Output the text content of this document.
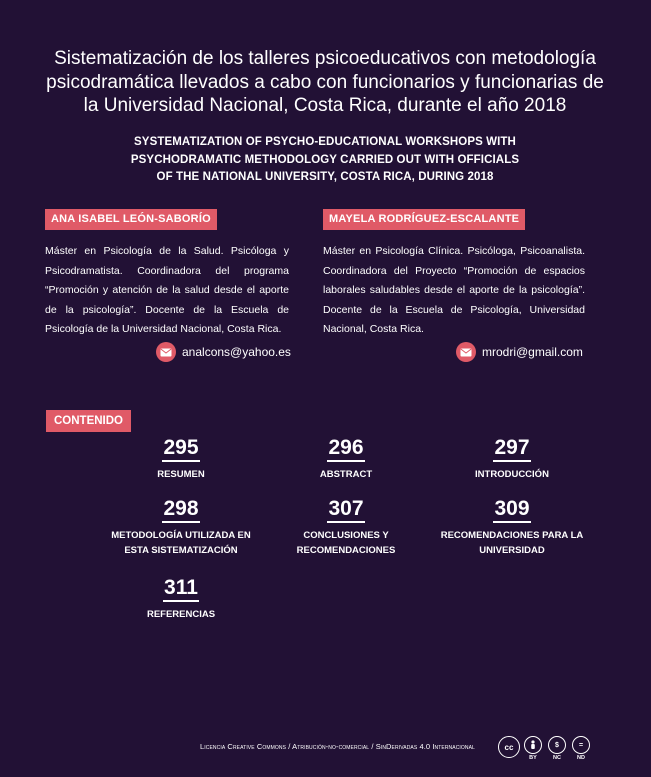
Sistematización de los talleres psicoeducativos con metodología
psicodramática llevados a cabo con funcionarios y funcionarias de
la Universidad Nacional, Costa Rica, durante el año 2018
SYSTEMATIZATION OF PSYCHO-EDUCATIONAL WORKSHOPS WITH
PSYCHODRAMATIC METHODOLOGY CARRIED OUT WITH OFFICIALS
OF THE NATIONAL UNIVERSITY, COSTA RICA, DURING 2018
ANA ISABEL LEÓN-SABORÍO
Máster en Psicología de la Salud. Psicóloga y Psicodramatista. Coordinadora del programa “Promoción y atención de la salud desde el aporte de la psicología”. Docente de la Escuela de Psicología de la Universidad Nacional, Costa Rica.
analcons@yahoo.es
MAYELA RODRÍGUEZ-ESCALANTE
Máster en Psicología Clínica. Psicóloga, Psicoanalista. Coordinadora del Proyecto “Promoción de espacios laborales saludables desde el aporte de la psicología”. Docente de la Escuela de Psicología, Universidad Nacional, Costa Rica.
mrodri@gmail.com
CONTENIDO
295
RESUMEN
296
ABSTRACT
297
INTRODUCCIÓN
298
METODOLOGÍA UTILIZADA EN
ESTA SISTEMATIZACIÓN
307
CONCLUSIONES Y
RECOMENDACIONES
309
RECOMENDACIONES PARA LA
UNIVERSIDAD
311
REFERENCIAS
Licencia Creative Commons / Atribución-no-comercial / SinDerivadas 4.0 Internacional	cc
BY
$
NC
=
ND
